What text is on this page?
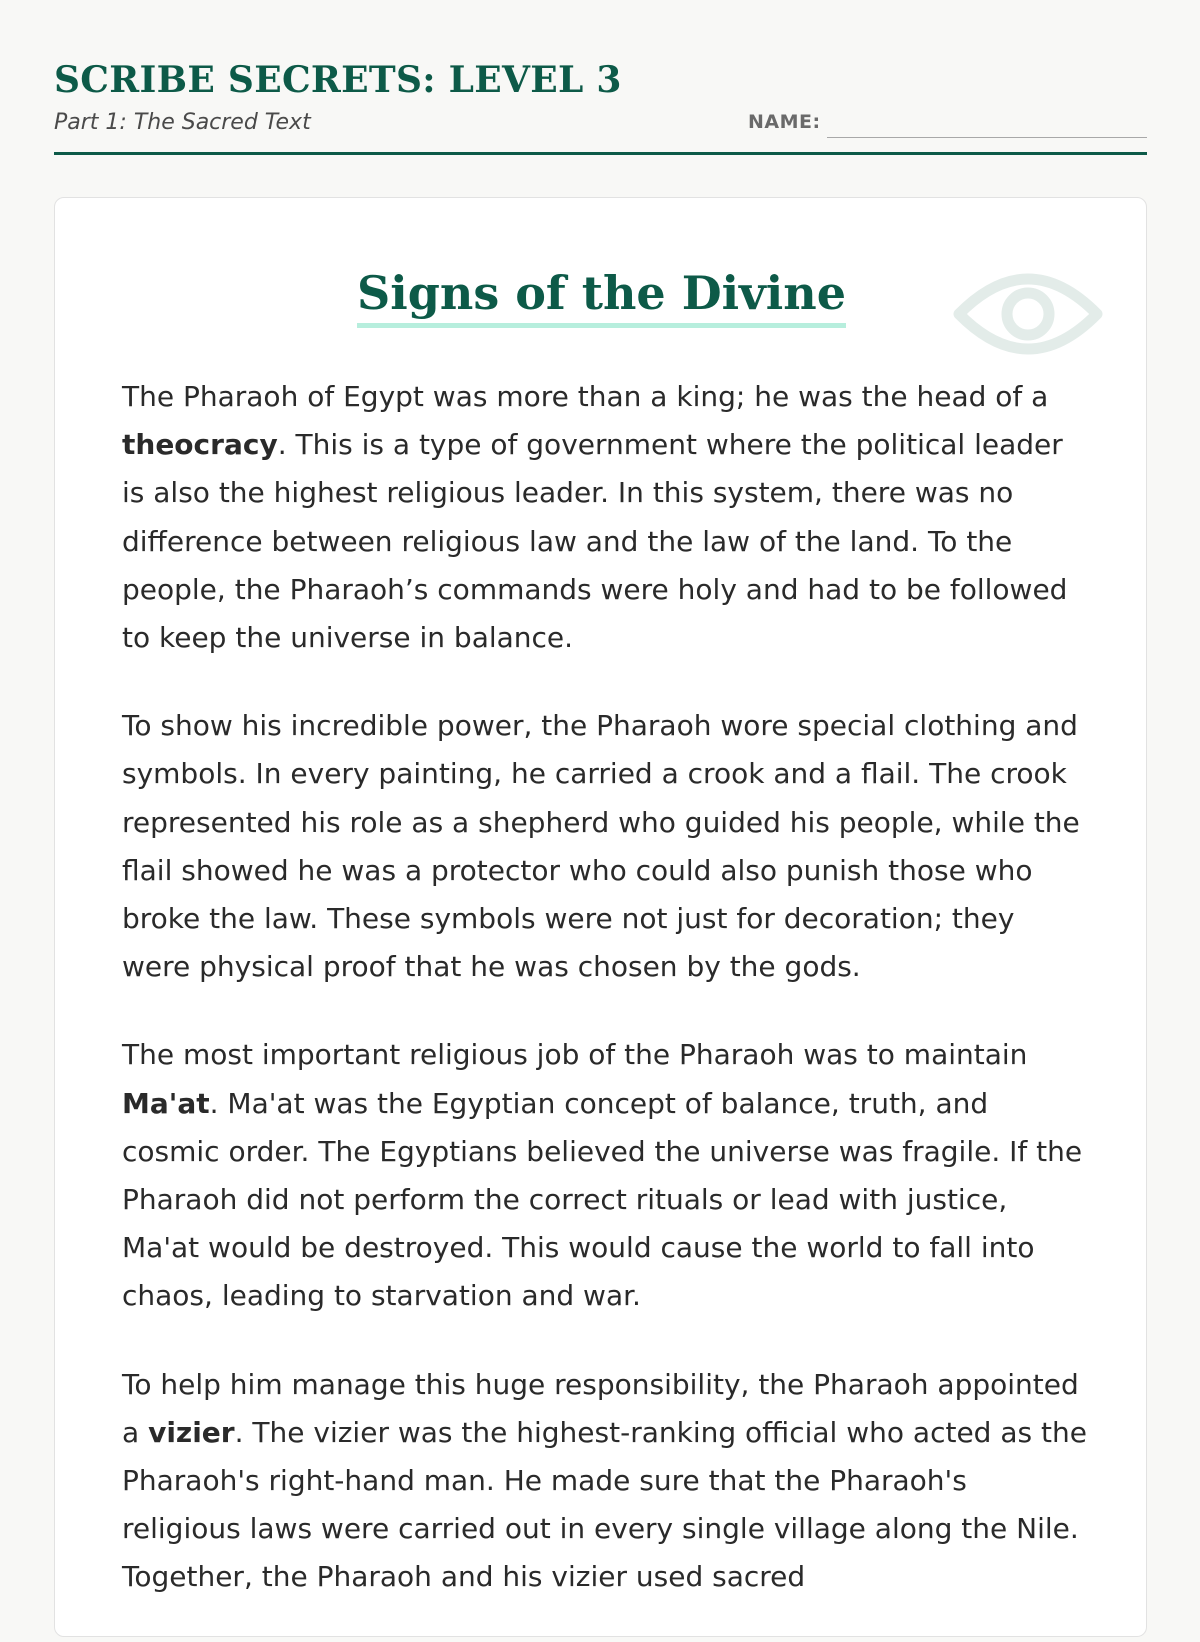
SCRIBE SECRETS: LEVEL 3
Part 1: The Sacred Text	NAME:
Signs of the Divine

The Pharaoh of Egypt was more than a king; he was the head of a theocracy. This is a type of government where the political leader is also the highest religious leader. In this system, there was no difference between religious law and the law of the land. To the people, the Pharaoh’s commands were holy and had to be followed to keep the universe in balance.

To show his incredible power, the Pharaoh wore special clothing and symbols. In every painting, he carried a crook and a flail. The crook represented his role as a shepherd who guided his people, while the flail showed he was a protector who could also punish those who broke the law. These symbols were not just for decoration; they were physical proof that he was chosen by the gods.

The most important religious job of the Pharaoh was to maintain Ma'at. Ma'at was the Egyptian concept of balance, truth, and cosmic order. The Egyptians believed the universe was fragile. If the Pharaoh did not perform the correct rituals or lead with justice, Ma'at would be destroyed. This would cause the world to fall into chaos, leading to starvation and war.

To help him manage this huge responsibility, the Pharaoh appointed a vizier. The vizier was the highest-ranking official who acted as the Pharaoh's right-hand man. He made sure that the Pharaoh's religious laws were carried out in every single village along the Nile. Together, the Pharaoh and his vizier used sacred
